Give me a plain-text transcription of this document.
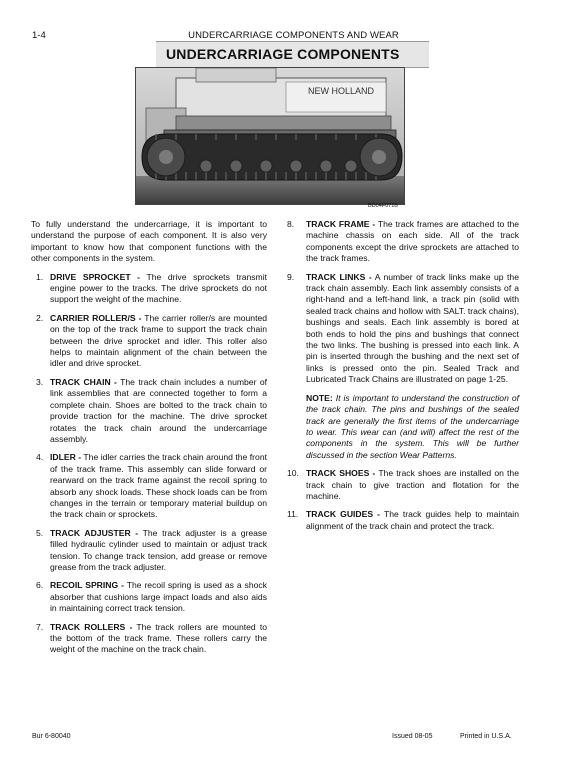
1-4	UNDERCARRIAGE COMPONENTS AND WEAR
UNDERCARRIAGE COMPONENTS
NEW HOLLAND
BD04F071B

To fully understand the undercarriage, it is important to understand the purpose of each component. It is also very important to know how that component functions with the other components in the system.

1. DRIVE SPROCKET - The drive sprockets transmit engine power to the tracks. The drive sprockets do not support the weight of the machine.
2. CARRIER ROLLER/S - The carrier roller/s are mounted on the top of the track frame to support the track chain between the drive sprocket and idler. This roller also helps to maintain alignment of the chain between the idler and drive sprocket.
3. TRACK CHAIN - The track chain includes a number of link assemblies that are connected together to form a complete chain. Shoes are bolted to the track chain to provide traction for the machine. The drive sprocket rotates the track chain around the undercarriage assembly.
4. IDLER - The idler carries the track chain around the front of the track frame. This assembly can slide forward or rearward on the track frame against the recoil spring to absorb any shock loads. These shock loads can be from changes in the terrain or temporary material buildup on the track chain or sprockets.
5. TRACK ADJUSTER - The track adjuster is a grease filled hydraulic cylinder used to maintain or adjust track tension. To change track tension, add grease or remove grease from the track adjuster.
6. RECOIL SPRING - The recoil spring is used as a shock absorber that cushions large impact loads and also aids in maintaining correct track tension.
7. TRACK ROLLERS - The track rollers are mounted to the bottom of the track frame. These rollers carry the weight of the machine on the track chain.
8. TRACK FRAME - The track frames are attached to the machine chassis on each side. All of the track components except the drive sprockets are attached to the track frames.
9. TRACK LINKS - A number of track links make up the track chain assembly. Each link assembly consists of a right-hand and a left-hand link, a track pin (solid with sealed track chains and hollow with SALT. track chains), bushings and seals. Each link assembly is bored at both ends to hold the pins and bushings that connect the two links. The bushing is pressed into each link. A pin is inserted through the bushing and the next set of links is pressed onto the pin. Sealed Track and Lubricated Track Chains are illustrated on page 1-25.

NOTE: It is important to understand the construction of the track chain. The pins and bushings of the sealed track are generally the first items of the undercarriage to wear. This wear can (and will) affect the rest of the components in the system. This will be further discussed in the section Wear Patterns.

10. TRACK SHOES - The track shoes are installed on the track chain to give traction and flotation for the machine.
11. TRACK GUIDES - The track guides help to maintain alignment of the track chain and protect the track.
Bur 6-80040	Issued 08-05	Printed in U.S.A.
